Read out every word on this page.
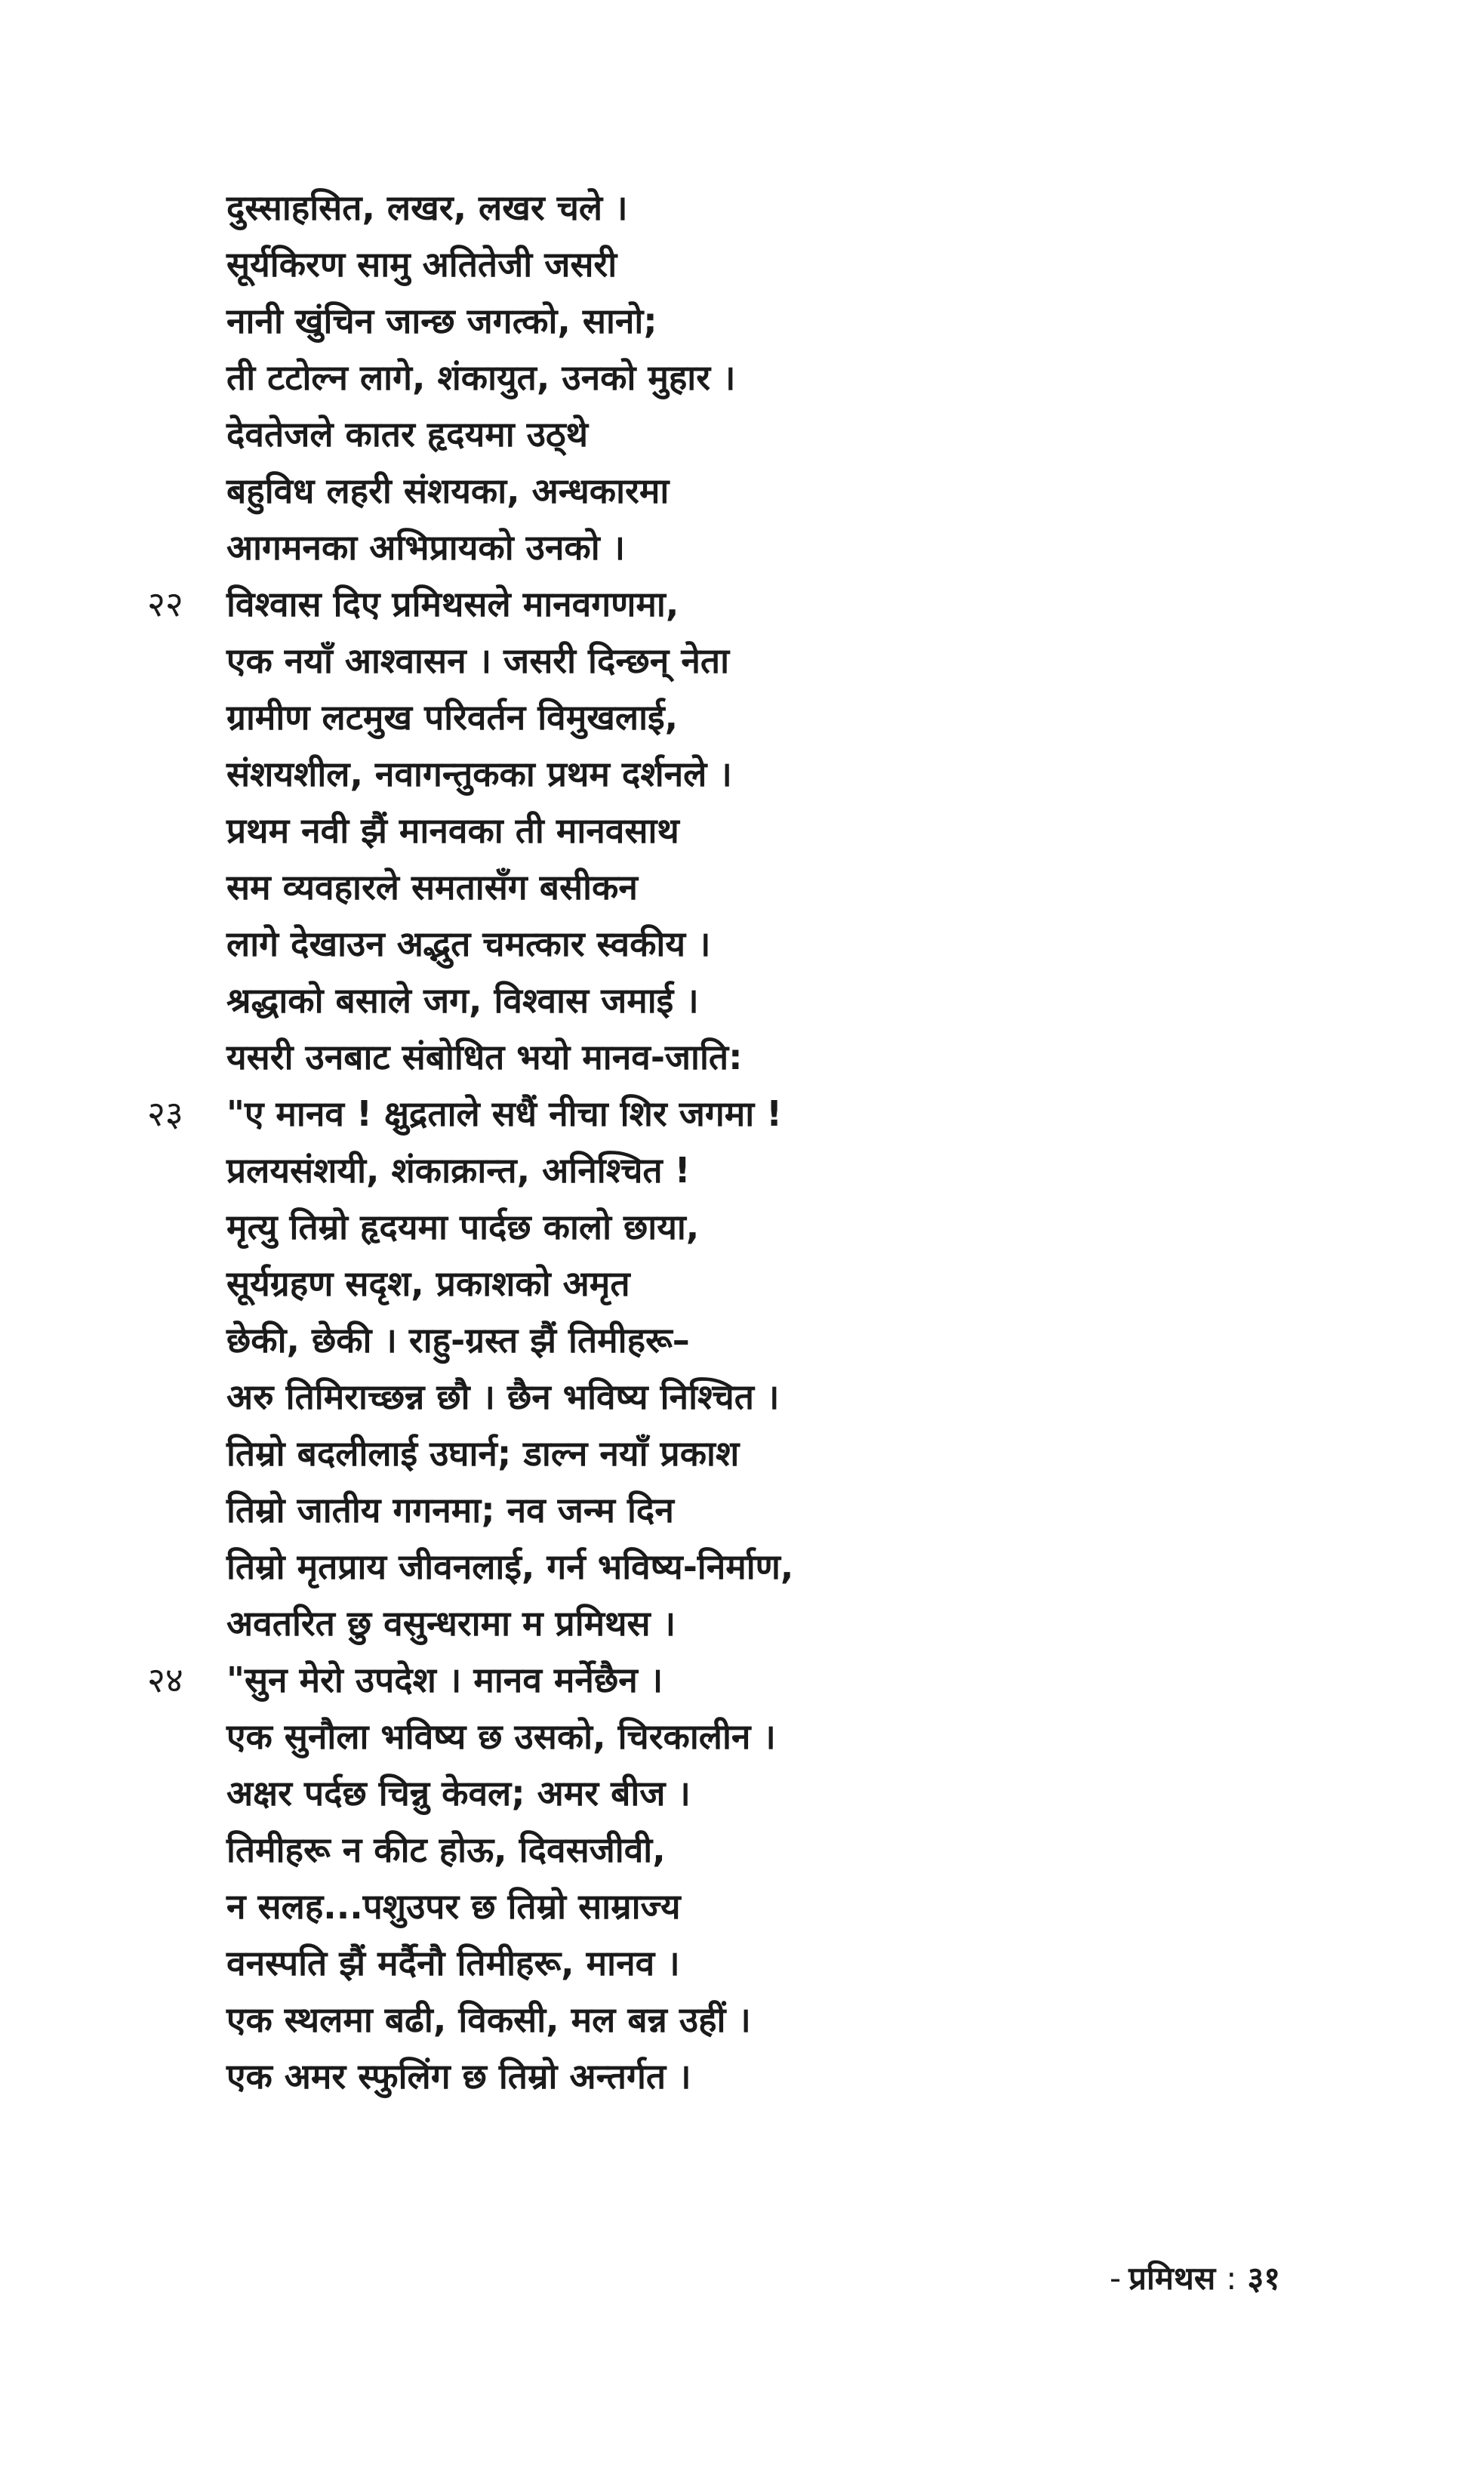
दुस्साहसित, लखर, लखर चले ।
सूर्यकिरण सामु अतितेजी जसरी
नानी खुंचिन जान्छ जगत्को, सानो;
ती टटोल्न लागे, शंकायुत, उनको मुहार ।
देवतेजले कातर हृदयमा उठ्थे
बहुविध लहरी संशयका, अन्धकारमा
आगमनका अभिप्रायको उनको ।
२२ विश्वास दिए प्रमिथसले मानवगणमा,
एक नयाँ आश्वासन । जसरी दिन्छन् नेता
ग्रामीण लटमुख परिवर्तन विमुखलाई,
संशयशील, नवागन्तुकका प्रथम दर्शनले ।
प्रथम नवी झैं मानवका ती मानवसाथ
सम व्यवहारले समतासँग बसीकन
लागे देखाउन अद्भुत चमत्कार स्वकीय ।
श्रद्धाको बसाले जग, विश्वास जमाई ।
यसरी उनबाट संबोधित भयो मानव-जाति:
२३ "ए मानव ! क्षुद्रताले सधैं नीचा शिर जगमा !
प्रलयसंशयी, शंकाक्रान्त, अनिश्चित !
मृत्यु तिम्रो हृदयमा पार्दछ कालो छाया,
सूर्यग्रहण सदृश, प्रकाशको अमृत
छेकी, छेकी । राहु-ग्रस्त झैं तिमीहरू–
अरु तिमिराच्छन्न छौ । छैन भविष्य निश्चित ।
तिम्रो बदलीलाई उघार्न; डाल्न नयाँ प्रकाश
तिम्रो जातीय गगनमा; नव जन्म दिन
तिम्रो मृतप्राय जीवनलाई, गर्न भविष्य-निर्माण,
अवतरित छु वसुन्धरामा म प्रमिथस ।
२४ "सुन मेरो उपदेश । मानव मर्नेछैन ।
एक सुनौला भविष्य छ उसको, चिरकालीन ।
अक्षर पर्दछ चिन्नु केवल; अमर बीज ।
तिमीहरू न कीट होऊ, दिवसजीवी,
न सलह...पशुउपर छ तिम्रो साम्राज्य
वनस्पति झैं मर्दैनौ तिमीहरू, मानव ।
एक स्थलमा बढी, विकसी, मल बन्न उहीं ।
एक अमर स्फुलिंग छ तिम्रो अन्तर्गत ।
- प्रमिथस : ३१
